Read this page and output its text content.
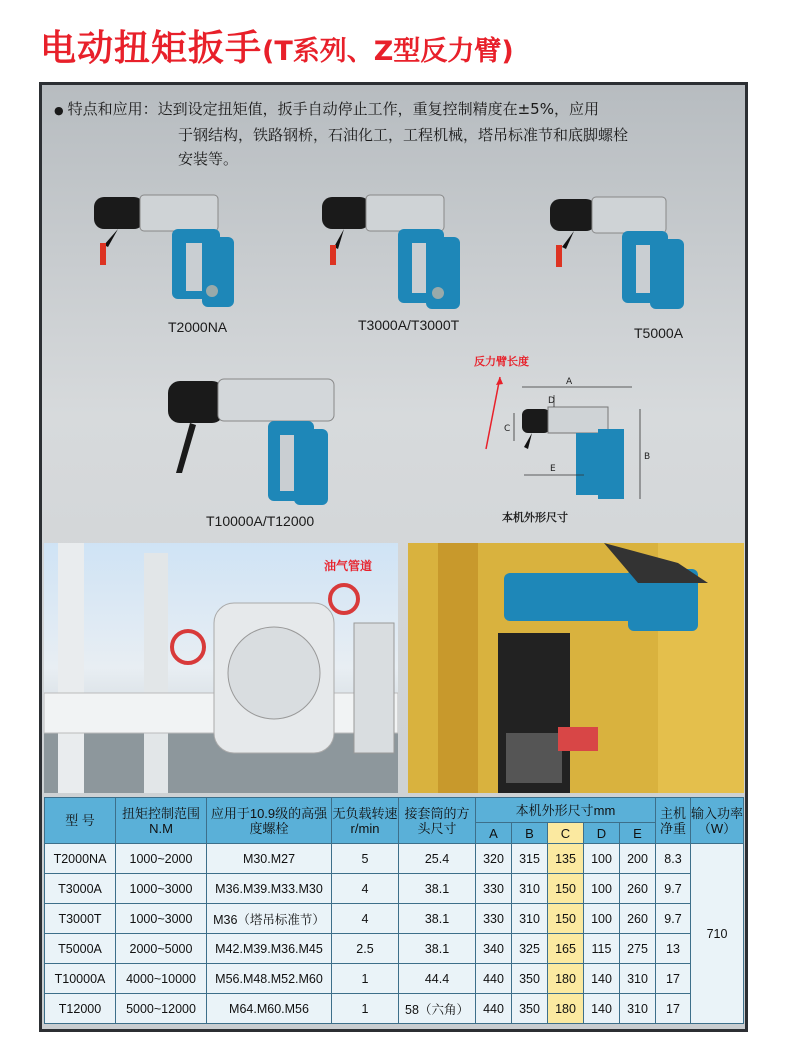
电动扭矩扳手(T系列、Z型反力臂)
● 特点和应用：达到设定扭矩值，扳手自动停止工作，重复控制精度在±5%，应用
于钢结构，铁路钢桥，石油化工，工程机械，塔吊标准节和底脚螺栓
安装等。
T2000NA	T3000A/T3000T	T5000A
T10000A/T12000
反力臂长度
A
D
B
C
E
本机外形尺寸
油气管道
型 号	扭矩控制范围N.M	应用于10.9级的高强度螺栓	无负载转速r/min	接套筒的方头尺寸	本机外形尺寸mm					主机净重	输入功率（W）
					A	B	C	D	E		
T2000NA	1000~2000	M30.M27	5	25.4	320	315	135	100	200	8.3	710
T3000A	1000~3000	M36.M39.M33.M30	4	38.1	330	310	150	100	260	9.7	
T3000T	1000~3000	M36（塔吊标准节）	4	38.1	330	310	150	100	260	9.7	
T5000A	2000~5000	M42.M39.M36.M45	2.5	38.1	340	325	165	115	275	13	
T10000A	4000~10000	M56.M48.M52.M60	1	44.4	440	350	180	140	310	17	
T12000	5000~12000	M64.M60.M56	1	58（六角）	440	350	180	140	310	17	
